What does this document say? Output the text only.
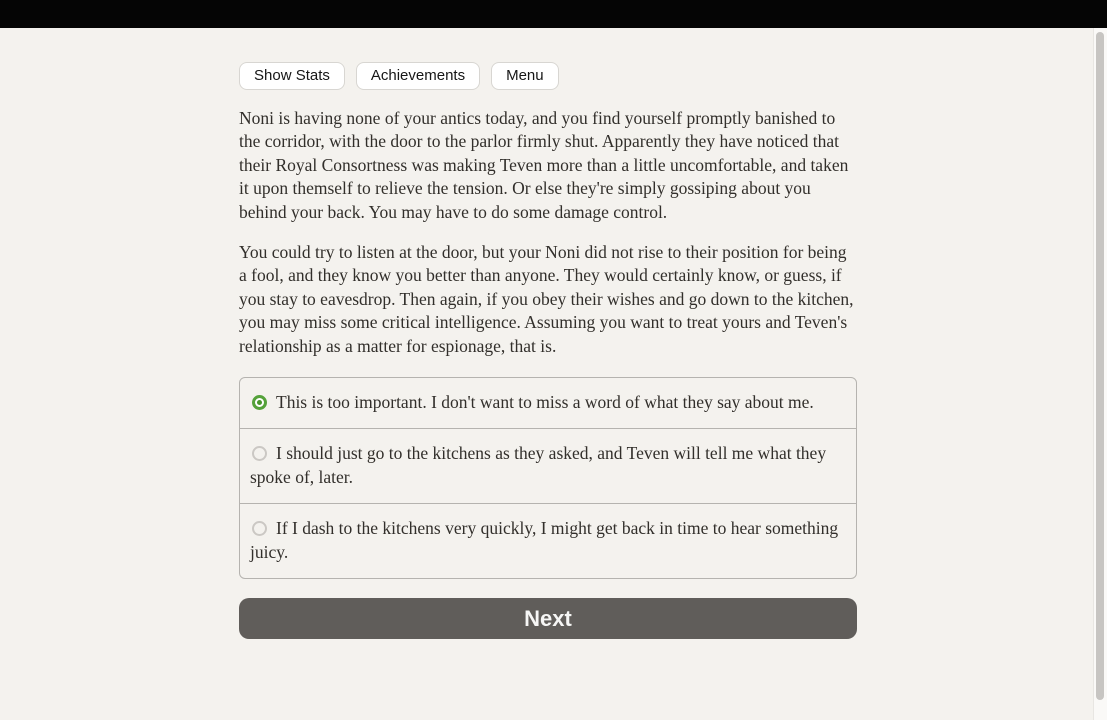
Show Stats	Achievements	Menu

Noni is having none of your antics today, and you find yourself promptly banished to the corridor, with the door to the parlor firmly shut. Apparently they have noticed that their Royal Consortness was making Teven more than a little uncomfortable, and taken it upon themself to relieve the tension. Or else they're simply gossiping about you behind your back. You may have to do some damage control.

You could try to listen at the door, but your Noni did not rise to their position for being a fool, and they know you better than anyone. They would certainly know, or guess, if you stay to eavesdrop. Then again, if you obey their wishes and go down to the kitchen, you may miss some critical intelligence. Assuming you want to treat yours and Teven's relationship as a matter for espionage, that is.

This is too important. I don't want to miss a word of what they say about me.
I should just go to the kitchens as they asked, and Teven will tell me what they spoke of, later.
If I dash to the kitchens very quickly, I might get back in time to hear something juicy.
Next
